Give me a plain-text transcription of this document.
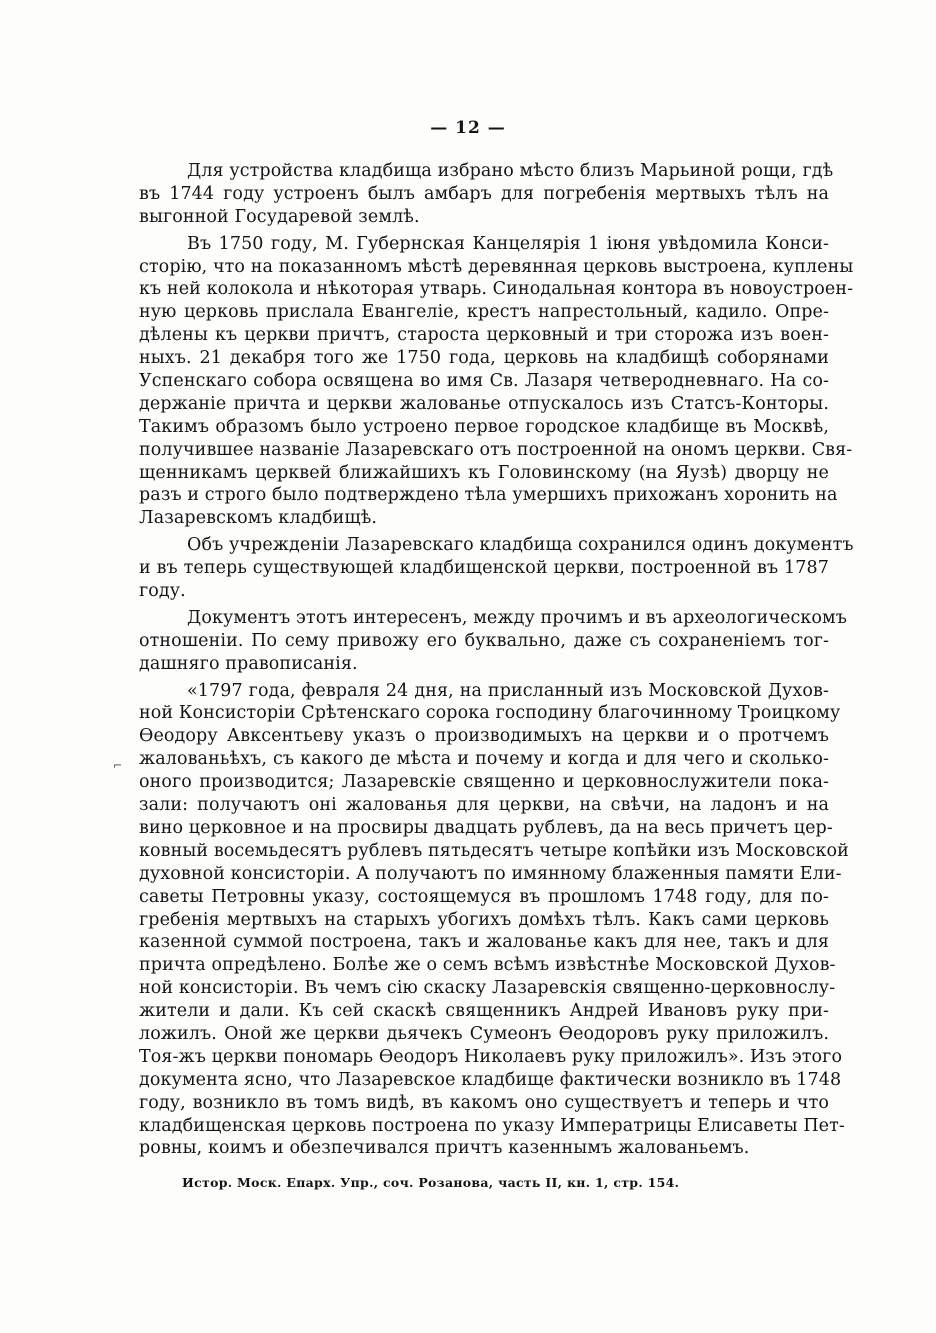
— 12 —
⌐
Для устройства кладбища избрано мѣсто близъ Марьиной рощи, гдѣ
въ 1744 году устроенъ былъ амбаръ для погребенія мертвыхъ тѣлъ на
выгонной Государевой землѣ.
Въ 1750 году, М. Губернская Канцелярія 1 іюня увѣдомила Конси-
сторію, что на показанномъ мѣстѣ деревянная церковь выстроена, куплены
къ ней колокола и нѣкоторая утварь. Синодальная контора въ новоустроен-
ную церковь прислала Евангеліе, крестъ напрестольный, кадило. Опре-
дѣлены къ церкви причтъ, староста церковный и три сторожа изъ воен-
ныхъ. 21 декабря того же 1750 года, церковь на кладбищѣ соборянами
Успенскаго собора освящена во имя Св. Лазаря четверодневнаго. На со-
держаніе причта и церкви жалованье отпускалось изъ Статсъ-Конторы.
Такимъ образомъ было устроено первое городское кладбище въ Москвѣ,
получившее названіе Лазаревскаго отъ построенной на ономъ церкви. Свя-
щенникамъ церквей ближайшихъ къ Головинскому (на Яузѣ) дворцу не
разъ и строго было подтверждено тѣла умершихъ прихожанъ хоронить на
Лазаревскомъ кладбищѣ.
Объ учрежденіи Лазаревскаго кладбища сохранился одинъ документъ
и въ теперь существующей кладбищенской церкви, построенной въ 1787
году.
Документъ этотъ интересенъ, между прочимъ и въ археологическомъ
отношеніи. По сему привожу его буквально, даже съ сохраненіемъ тог-
дашняго правописанія.
«1797 года, февраля 24 дня, на присланный изъ Московской Духов-
ной Консисторіи Срѣтенскаго сорока господину благочинному Троицкому
Ѳеодору Авксентьеву указъ о производимыхъ на церкви и о протчемъ
жалованьѣхъ, съ какого де мѣста и почему и когда и для чего и сколько-
оного производится; Лазаревскіе священно и церковнослужители пока-
зали: получаютъ оні жалованья для церкви, на свѣчи, на ладонъ и на
вино церковное и на просвиры двадцать рублевъ, да на весь причетъ цер-
ковный восемьдесятъ рублевъ пятьдесятъ четыре копѣйки изъ Московской
духовной консисторіи. А получаютъ по имянному блаженныя памяти Ели-
саветы Петровны указу, состоящемуся въ прошломъ 1748 году, для по-
гребенія мертвыхъ на старыхъ убогихъ домѣхъ тѣлъ. Какъ сами церковь
казенной суммой построена, такъ и жалованье какъ для нее, такъ и для
причта опредѣлено. Болѣе же о семъ всѣмъ извѣстнѣе Московской Духов-
ной консисторіи. Въ чемъ сію скаску Лазаревскія священно-церковнослу-
жители и дали. Къ сей скаскѣ священникъ Андрей Ивановъ руку при-
ложилъ. Оной же церкви дьячекъ Сумеонъ Ѳеодоровъ руку приложилъ.
Тоя-жъ церкви пономарь Ѳеодоръ Николаевъ руку приложилъ». Изъ этого
документа ясно, что Лазаревское кладбище фактически возникло въ 1748
году, возникло въ томъ видѣ, въ какомъ оно существуетъ и теперь и что
кладбищенская церковь построена по указу Императрицы Елисаветы Пет-
ровны, коимъ и обезпечивался причтъ казеннымъ жалованьемъ.
Истор. Моск. Епарх. Упр., соч. Розанова, часть II, кн. 1, стр. 154.
